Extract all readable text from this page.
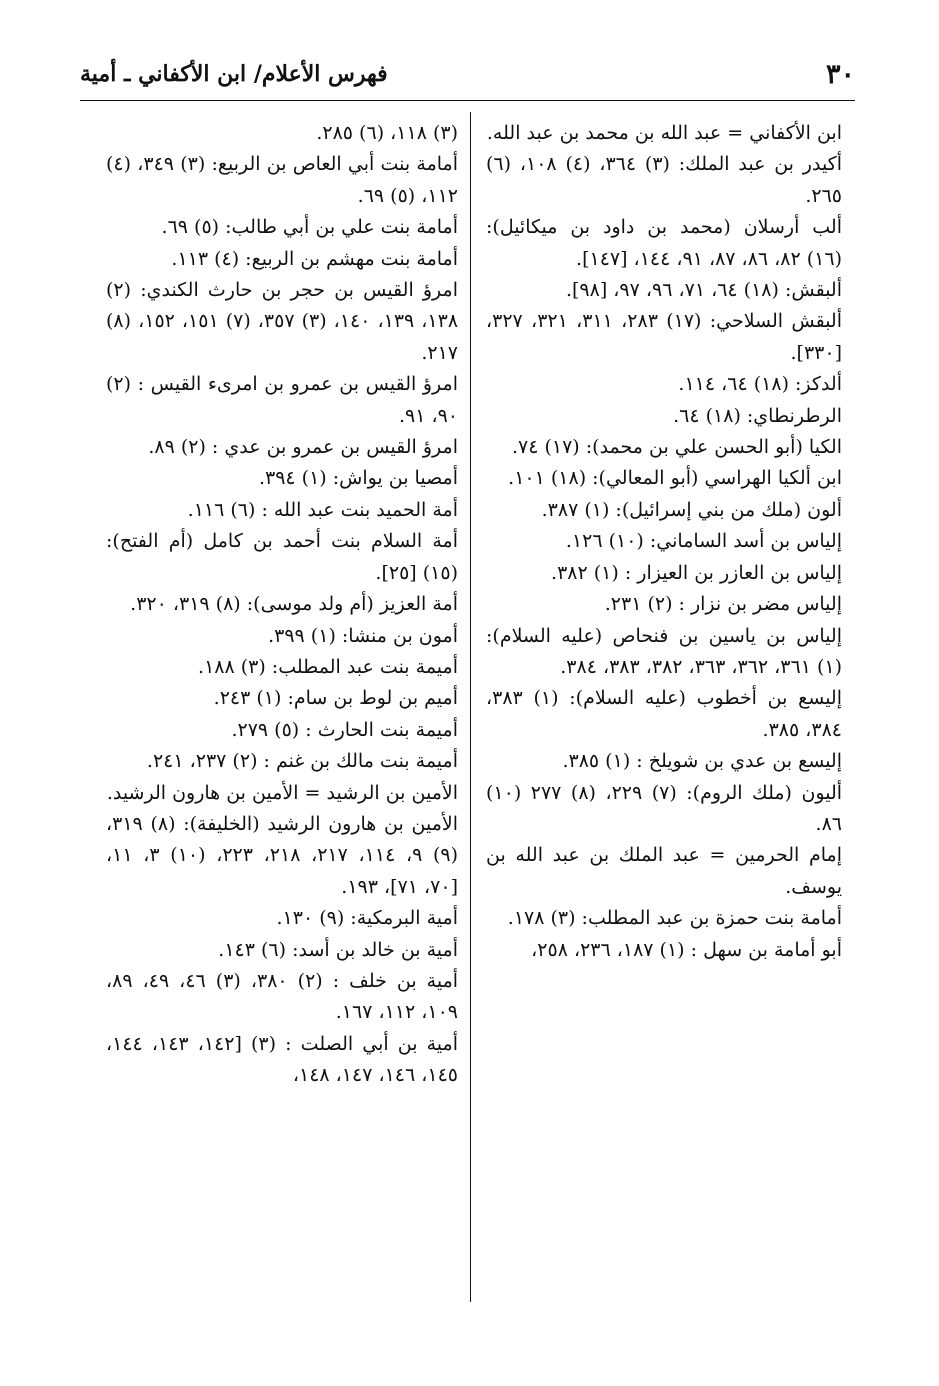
٣٠
فهرس الأعلام/ ابن الأكفاني ـ أمية
ابن الأكفاني = عبد الله بن محمد بن عبد الله.
أكيدر بن عبد الملك: (٣) ٣٦٤، (٤) ١٠٨، (٦) ٢٦٥.
ألب أرسلان (محمد بن داود بن ميكائيل): (١٦) ٨٢، ٨٦، ٨٧، ٩١، ١٤٤، [١٤٧].
ألبقش: (١٨) ٦٤، ٧١، ٩٦، ٩٧، [٩٨].
ألبقش السلاحي: (١٧) ٢٨٣، ٣١١، ٣٢١، ٣٢٧، [٣٣٠].
ألدكز: (١٨) ٦٤، ١١٤.
الرطرنطاي: (١٨) ٦٤.
الكيا (أبو الحسن علي بن محمد): (١٧) ٧٤.
ابن ألكيا الهراسي (أبو المعالي): (١٨) ١٠١.
ألون (ملك من بني إسرائيل): (١) ٣٨٧.
إلياس بن أسد الساماني: (١٠) ١٢٦.
إلياس بن العازر بن العيزار : (١) ٣٨٢.
إلياس مضر بن نزار : (٢) ٢٣١.
إلياس بن ياسين بن فنحاص (عليه السلام): (١) ٣٦١، ٣٦٢، ٣٦٣، ٣٨٢، ٣٨٣، ٣٨٤.
إليسع بن أخطوب (عليه السلام): (١) ٣٨٣، ٣٨٤، ٣٨٥.
إليسع بن عدي بن شويلخ : (١) ٣٨٥.
أليون (ملك الروم): (٧) ٢٢٩، (٨) ٢٧٧ (١٠) ٨٦.
إمام الحرمين = عبد الملك بن عبد الله بن يوسف.
أمامة بنت حمزة بن عبد المطلب: (٣) ١٧٨.
أبو أمامة بن سهل : (١) ١٨٧، ٢٣٦، ٢٥٨،
(٣) ١١٨، (٦) ٢٨٥.
أمامة بنت أبي العاص بن الربيع: (٣) ٣٤٩، (٤) ١١٢، (٥) ٦٩.
أمامة بنت علي بن أبي طالب: (٥) ٦٩.
أمامة بنت مهشم بن الربيع: (٤) ١١٣.
امرؤ القيس بن حجر بن حارث الكندي: (٢) ١٣٨، ١٣٩، ١٤٠، (٣) ٣٥٧، (٧) ١٥١، ١٥٢، (٨) ٢١٧.
امرؤ القيس بن عمرو بن امرىء القيس : (٢) ٩٠، ٩١.
امرؤ القيس بن عمرو بن عدي : (٢) ٨٩.
أمصيا بن يواش: (١) ٣٩٤.
أمة الحميد بنت عبد الله : (٦) ١١٦.
أمة السلام بنت أحمد بن كامل (أم الفتح): (١٥) [٢٥].
أمة العزيز (أم ولد موسى): (٨) ٣١٩، ٣٢٠.
أمون بن منشا: (١) ٣٩٩.
أميمة بنت عبد المطلب: (٣) ١٨٨.
أميم بن لوط بن سام: (١) ٢٤٣.
أميمة بنت الحارث : (٥) ٢٧٩.
أميمة بنت مالك بن غنم : (٢) ٢٣٧، ٢٤١.
الأمين بن الرشيد = الأمين بن هارون الرشيد.
الأمين بن هارون الرشيد (الخليفة): (٨) ٣١٩، (٩) ٩، ١١٤، ٢١٧، ٢١٨، ٢٢٣، (١٠) ٣، ١١، [٧٠، ٧١]، ١٩٣.
أمية البرمكية: (٩) ١٣٠.
أمية بن خالد بن أسد: (٦) ١٤٣.
أمية بن خلف : (٢) ٣٨٠، (٣) ٤٦، ٤٩، ٨٩، ١٠٩، ١١٢، ١٦٧.
أمية بن أبي الصلت : (٣) [١٤٢، ١٤٣، ١٤٤، ١٤٥، ١٤٦، ١٤٧، ١٤٨،
